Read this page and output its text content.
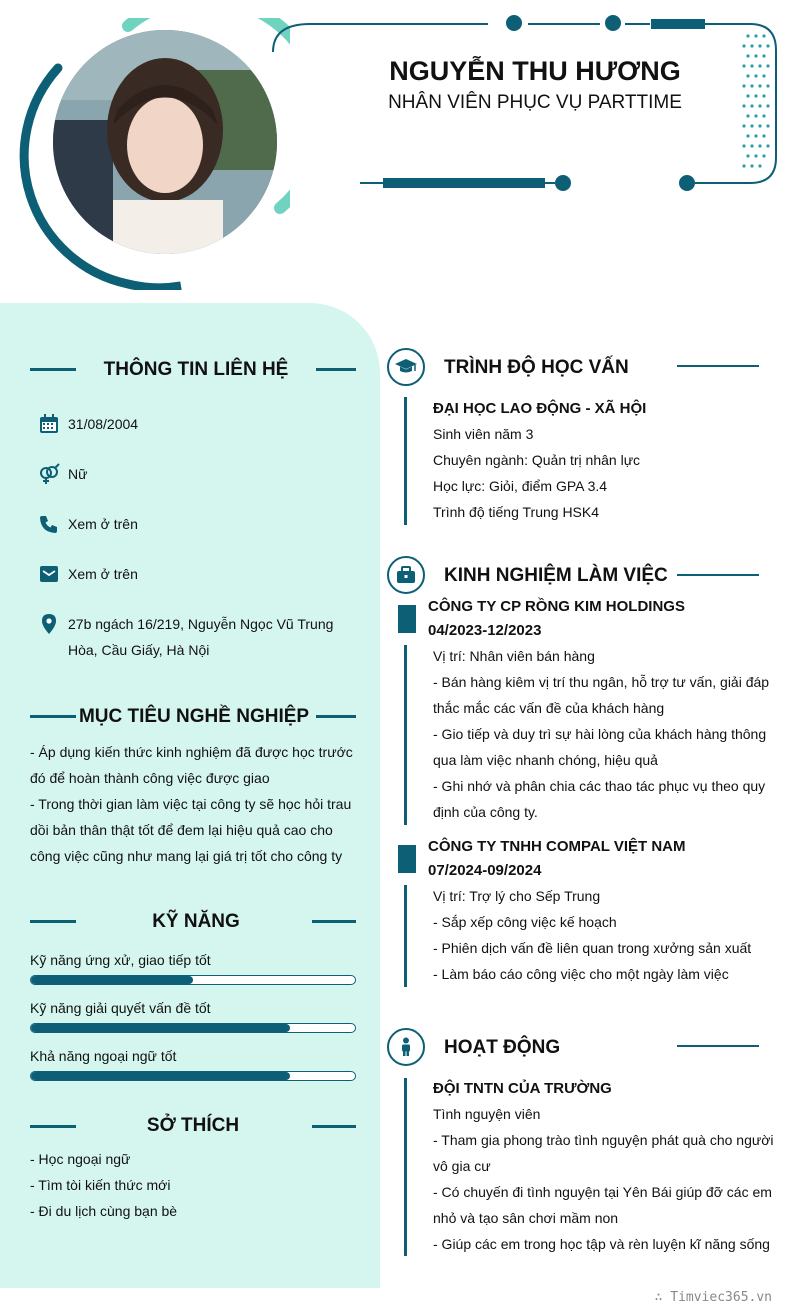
NGUYỄN THU HƯƠNG
NHÂN VIÊN PHỤC VỤ PARTTIME
THÔNG TIN LIÊN HỆ
31/08/2004
Nữ
Xem ở trên
Xem ở trên
27b ngách 16/219, Nguyễn Ngọc Vũ Trung
Hòa, Cầu Giấy, Hà Nội
MỤC TIÊU NGHỀ NGHIỆP
- Áp dụng kiến thức kinh nghiệm đã được học trước
đó để hoàn thành công việc được giao
- Trong thời gian làm việc tại công ty sẽ học hỏi trau
dồi bản thân thật tốt để đem lại hiệu quả cao cho
công việc cũng như mang lại giá trị tốt cho công ty
KỸ NĂNG
Kỹ năng ứng xử, giao tiếp tốt
Kỹ năng giải quyết vấn đề tốt
Khả năng ngoại ngữ tốt
SỞ THÍCH
- Học ngoại ngữ
- Tìm tòi kiến thức mới
- Đi du lịch cùng bạn bè
TRÌNH ĐỘ HỌC VẤN
ĐẠI HỌC LAO ĐỘNG - XÃ HỘI
Sinh viên năm 3
Chuyên ngành: Quản trị nhân lực
Học lực: Giỏi, điểm GPA 3.4
Trình độ tiếng Trung HSK4
KINH NGHIỆM LÀM VIỆC
CÔNG TY CP RỒNG KIM HOLDINGS
04/2023-12/2023
Vị trí: Nhân viên bán hàng
- Bán hàng kiêm vị trí thu ngân, hỗ trợ tư vấn, giải đáp
thắc mắc các vấn đề của khách hàng
- Gio tiếp và duy trì sự hài lòng của khách hàng thông
qua làm việc nhanh chóng, hiệu quả
- Ghi nhớ và phân chia các thao tác phục vụ theo quy
định của công ty.
CÔNG TY TNHH COMPAL VIỆT NAM
07/2024-09/2024
Vị trí: Trợ lý cho Sếp Trung
- Sắp xếp công việc kế hoạch
- Phiên dịch vấn đề liên quan trong xưởng sản xuất
- Làm báo cáo công việc cho một ngày làm việc
HOẠT ĐỘNG
ĐỘI TNTN CỦA TRƯỜNG
Tình nguyện viên
- Tham gia phong trào tình nguyện phát quà cho người
vô gia cư
- Có chuyến đi tình nguyện tại Yên Bái giúp đỡ các em
nhỏ và tạo sân chơi mầm non
- Giúp các em trong học tập và rèn luyện kĩ năng sống
∴ Timviec365.vn
